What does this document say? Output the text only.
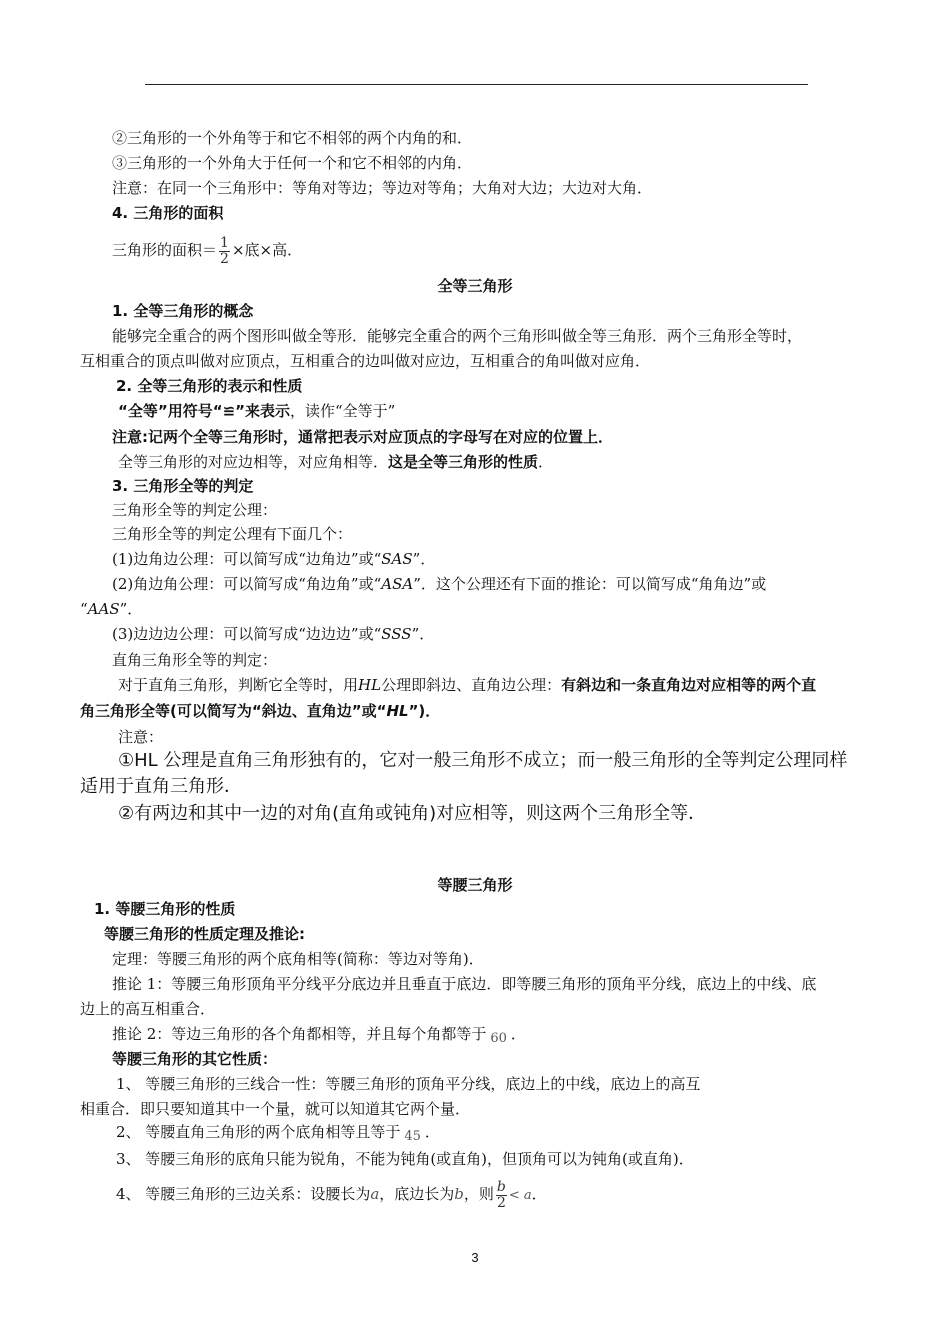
②三角形的一个外角等于和它不相邻的两个内角的和．
③三角形的一个外角大于任何一个和它不相邻的内角．
注意：在同一个三角形中：等角对等边；等边对等角；大角对大边；大边对大角．
4. 三角形的面积
三角形的面积＝ $\frac{1}{2}$ ×底×高．
全等三角形
1. 全等三角形的概念
能够完全重合的两个图形叫做全等形．能够完全重合的两个三角形叫做全等三角形．两个三角形全等时，
互相重合的顶点叫做对应顶点，互相重合的边叫做对应边，互相重合的角叫做对应角．
2. 全等三角形的表示和性质
“全等”用符号“≌”来表示，读作“全等于”
注意:记两个全等三角形时，通常把表示对应顶点的字母写在对应的位置上．
全等三角形的对应边相等，对应角相等．这是全等三角形的性质．
3. 三角形全等的判定
三角形全等的判定公理：
三角形全等的判定公理有下面几个：
(1)边角边公理：可以简写成“边角边”或“SAS”．
(2)角边角公理：可以简写成“角边角”或“ASA”．这个公理还有下面的推论：可以简写成“角角边”或
“AAS”．
(3)边边边公理：可以简写成“边边边”或“SSS”．
直角三角形全等的判定：
对于直角三角形，判断它全等时，用HL公理即斜边、直角边公理：有斜边和一条直角边对应相等的两个直
角三角形全等(可以简写为“斜边、直角边”或“HL”)．
注意：
①HL 公理是直角三角形独有的，它对一般三角形不成立；而一般三角形的全等判定公理同样
适用于直角三角形．
②有两边和其中一边的对角(直角或钝角)对应相等，则这两个三角形全等．
等腰三角形
1. 等腰三角形的性质
等腰三角形的性质定理及推论:
定理：等腰三角形的两个底角相等(简称：等边对等角)．
推论 1：等腰三角形顶角平分线平分底边并且垂直于底边．即等腰三角形的顶角平分线，底边上的中线、底
边上的高互相重合．
推论 2：等边三角形的各个角都相等，并且每个角都等于 60 ．
等腰三角形的其它性质：
1、 等腰三角形的三线合一性：等腰三角形的顶角平分线，底边上的中线，底边上的高互
相重合．即只要知道其中一个量，就可以知道其它两个量．
2、 等腰直角三角形的两个底角相等且等于 45 ．
3、 等腰三角形的底角只能为锐角，不能为钝角(或直角)，但顶角可以为钝角(或直角)．
4、 等腰三角形的三边关系：设腰长为a，底边长为b，则 $\frac{b}{2} < a$．
3
